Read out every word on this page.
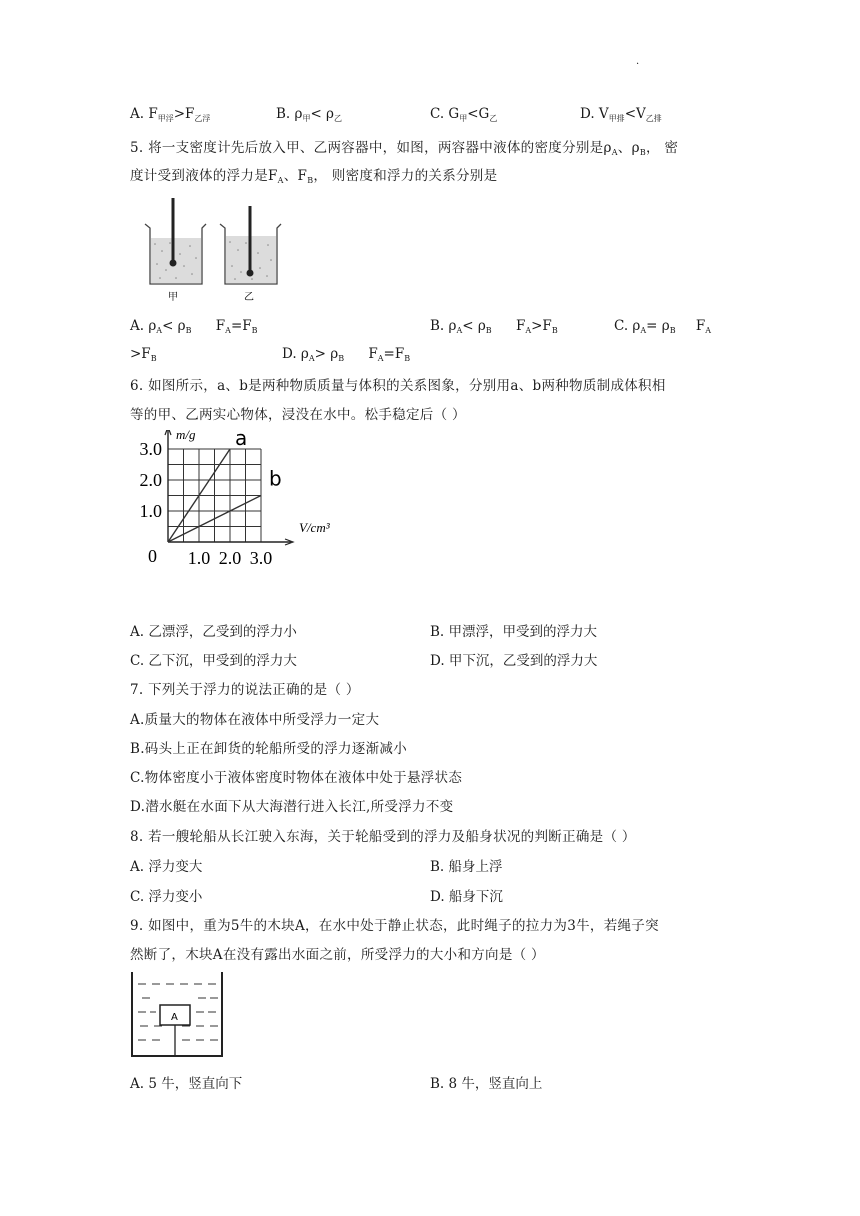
.
A. $F_{甲浮}>F_{乙浮}$	B. $\rho_甲< \rho_乙$	C. $G_甲<G_乙$	D. $V_{甲排}<V_{乙排}$
5. 将一支密度计先后放入甲、乙两容器中，如图，两容器中液体的密度分别是$\rho_A$、$\rho_B$， 密
度计受到液体的浮力是$F_A$、$F_B$， 则密度和浮力的关系分别是
甲	乙
A. $\rho_A< \rho_B$ $F_A=F_B$	B. $\rho_A< \rho_B$ $F_A>F_B$	C. $\rho_A= \rho_B$ $F_A$
$>F_B$	D. $\rho_A> \rho_B$ $F_A=F_B$
6. 如图所示，a、b是两种物质质量与体积的关系图象，分别用a、b两种物质制成体积相
等的甲、乙两实心物体，浸没在水中。松手稳定后（ ）
a
b
1.0 2.0 3.0
1.0
2.0
3.0
0
m/g
V/cm³
A. 乙漂浮，乙受到的浮力小	B. 甲漂浮，甲受到的浮力大
C. 乙下沉，甲受到的浮力大	D. 甲下沉，乙受到的浮力大
7. 下列关于浮力的说法正确的是（ ）
A.质量大的物体在液体中所受浮力一定大
B.码头上正在卸货的轮船所受的浮力逐渐减小
C.物体密度小于液体密度时物体在液体中处于悬浮状态
D.潜水艇在水面下从大海潜行进入长江,所受浮力不变
8. 若一艘轮船从长江驶入东海，关于轮船受到的浮力及船身状况的判断正确是（ ）
A. 浮力变大	B. 船身上浮
C. 浮力变小	D. 船身下沉
9. 如图中，重为5牛的木块A，在水中处于静止状态，此时绳子的拉力为3牛，若绳子突
然断了，木块A在没有露出水面之前，所受浮力的大小和方向是（ ）
A
A. 5 牛，竖直向下	B. 8 牛，竖直向上
